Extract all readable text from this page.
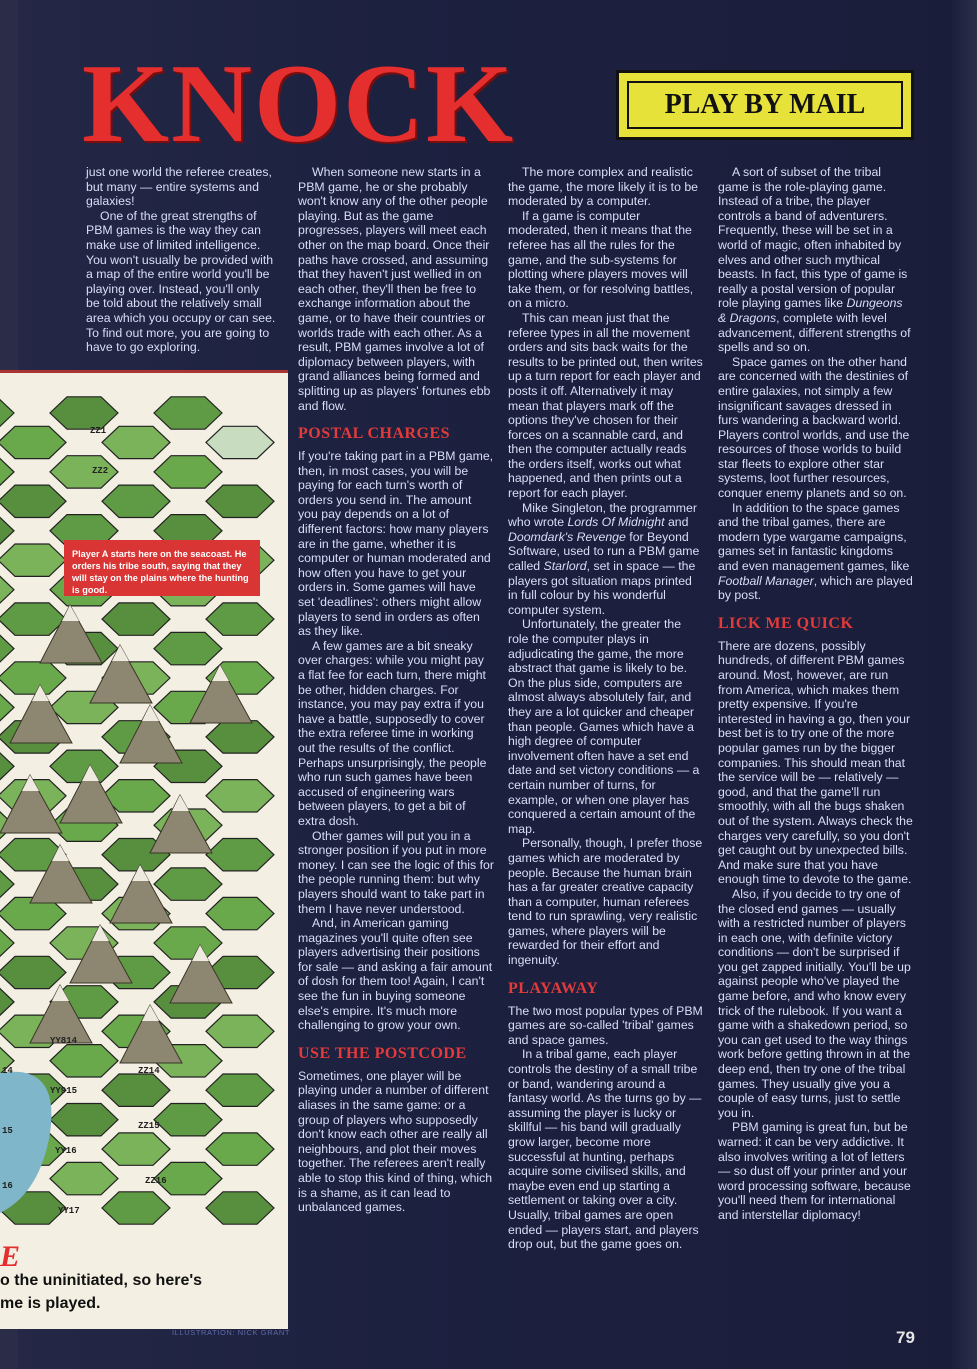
KNOCK	PLAY BY MAIL
ZZ1
ZZ2
YY814
ZZ14
YY915
ZZ15
YY16
ZZ16
YY17
14
15
16
Player A starts here on the seacoast. He orders his tribe south, saying that they will stay on the plains where the hunting is good.
E
o the uninitiated, so here's
me is played.
ILLUSTRATION: NICK GRANT

just one world the referee creates, but many — entire systems and galaxies!

One of the great strengths of PBM games is the way they can make use of limited intelligence. You won't usually be provided with a map of the entire world you'll be playing over. Instead, you'll only be told about the relatively small area which you occupy or can see. To find out more, you are going to have to go exploring.

When someone new starts in a PBM game, he or she probably won't know any of the other people playing. But as the game progresses, players will meet each other on the map board. Once their paths have crossed, and assuming that they haven't just wellied in on each other, they'll then be free to exchange information about the game, or to have their countries or worlds trade with each other. As a result, PBM games involve a lot of diplomacy between players, with grand alliances being formed and splitting up as players' fortunes ebb and flow.

POSTAL CHARGES

If you're taking part in a PBM game, then, in most cases, you will be paying for each turn's worth of orders you send in. The amount you pay depends on a lot of different factors: how many players are in the game, whether it is computer or human moderated and how often you have to get your orders in. Some games will have set 'deadlines': others might allow players to send in orders as often as they like.

A few games are a bit sneaky over charges: while you might pay a flat fee for each turn, there might be other, hidden charges. For instance, you may pay extra if you have a battle, supposedly to cover the extra referee time in working out the results of the conflict. Perhaps unsurprisingly, the people who run such games have been accused of engineering wars between players, to get a bit of extra dosh.

Other games will put you in a stronger position if you put in more money. I can see the logic of this for the people running them: but why players should want to take part in them I have never understood.

And, in American gaming magazines you'll quite often see players advertising their positions for sale — and asking a fair amount of dosh for them too! Again, I can't see the fun in buying someone else's empire. It's much more challenging to grow your own.

USE THE POSTCODE

Sometimes, one player will be playing under a number of different aliases in the same game: or a group of players who supposedly don't know each other are really all neighbours, and plot their moves together. The referees aren't really able to stop this kind of thing, which is a shame, as it can lead to unbalanced games.

The more complex and realistic the game, the more likely it is to be moderated by a computer.

If a game is computer moderated, then it means that the referee has all the rules for the game, and the sub-systems for plotting where players moves will take them, or for resolving battles, on a micro.

This can mean just that the referee types in all the movement orders and sits back waits for the results to be printed out, then writes up a turn report for each player and posts it off. Alternatively it may mean that players mark off the options they've chosen for their forces on a scannable card, and then the computer actually reads the orders itself, works out what happened, and then prints out a report for each player.

Mike Singleton, the programmer who wrote Lords Of Midnight and Doomdark's Revenge for Beyond Software, used to run a PBM game called Starlord, set in space — the players got situation maps printed in full colour by his wonderful computer system.

Unfortunately, the greater the role the computer plays in adjudicating the game, the more abstract that game is likely to be. On the plus side, computers are almost always absolutely fair, and they are a lot quicker and cheaper than people. Games which have a high degree of computer involvement often have a set end date and set victory conditions — a certain number of turns, for example, or when one player has conquered a certain amount of the map.

Personally, though, I prefer those games which are moderated by people. Because the human brain has a far greater creative capacity than a computer, human referees tend to run sprawling, very realistic games, where players will be rewarded for their effort and ingenuity.

PLAYAWAY

The two most popular types of PBM games are so-called 'tribal' games and space games.

In a tribal game, each player controls the destiny of a small tribe or band, wandering around a fantasy world. As the turns go by — assuming the player is lucky or skillful — his band will gradually grow larger, become more successful at hunting, perhaps acquire some civilised skills, and maybe even end up starting a settlement or taking over a city. Usually, tribal games are open ended — players start, and players drop out, but the game goes on.

A sort of subset of the tribal game is the role-playing game. Instead of a tribe, the player controls a band of adventurers. Frequently, these will be set in a world of magic, often inhabited by elves and other such mythical beasts. In fact, this type of game is really a postal version of popular role playing games like Dungeons & Dragons, complete with level advancement, different strengths of spells and so on.

Space games on the other hand are concerned with the destinies of entire galaxies, not simply a few insignificant savages dressed in furs wandering a backward world. Players control worlds, and use the resources of those worlds to build star fleets to explore other star systems, loot further resources, conquer enemy planets and so on.

In addition to the space games and the tribal games, there are modern type wargame campaigns, games set in fantastic kingdoms and even management games, like Football Manager, which are played by post.

LICK ME QUICK

There are dozens, possibly hundreds, of different PBM games around. Most, however, are run from America, which makes them pretty expensive. If you're interested in having a go, then your best bet is to try one of the more popular games run by the bigger companies. This should mean that the service will be — relatively — good, and that the game'll run smoothly, with all the bugs shaken out of the system. Always check the charges very carefully, so you don't get caught out by unexpected bills. And make sure that you have enough time to devote to the game.

Also, if you decide to try one of the closed end games — usually with a restricted number of players in each one, with definite victory conditions — don't be surprised if you get zapped initially. You'll be up against people who've played the game before, and who know every trick of the rulebook. If you want a game with a shakedown period, so you can get used to the way things work before getting thrown in at the deep end, then try one of the tribal games. They usually give you a couple of easy turns, just to settle you in.

PBM gaming is great fun, but be warned: it can be very addictive. It also involves writing a lot of letters — so dust off your printer and your word processing software, because you'll need them for international and interstellar diplomacy!

79
